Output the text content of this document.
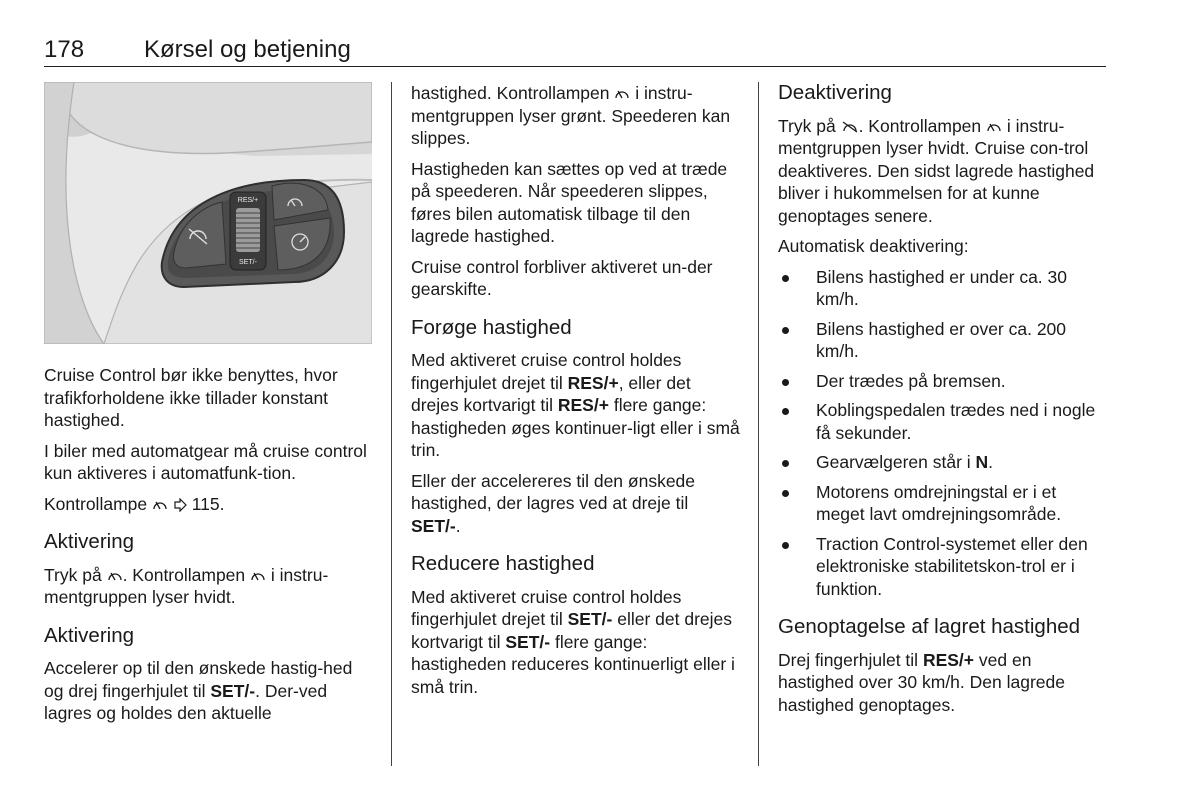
178 Kørsel og betjening
RES/+
SET/-

Cruise Control bør ikke benyttes, hvor trafikforholdene ikke tillader konstant hastighed.

I biler med automatgear må cruise control kun aktiveres i automatfunk-tion.

Kontrollampe	115.

Aktivering

Tryk på . Kontrollampen i instru-mentgruppen lyser hvidt.

Aktivering

Accelerer op til den ønskede hastig-hed og drej fingerhjulet til SET/-. Der-ved lagres og holdes den aktuelle

hastighed. Kontrollampen i instru-mentgruppen lyser grønt. Speederen kan slippes.

Hastigheden kan sættes op ved at træde på speederen. Når speederen slippes, føres bilen automatisk tilbage til den lagrede hastighed.

Cruise control forbliver aktiveret un-der gearskifte.

Forøge hastighed

Med aktiveret cruise control holdes fingerhjulet drejet til RES/+, eller det drejes kortvarigt til RES/+ flere gange: hastigheden øges kontinuer-ligt eller i små trin.

Eller der accelereres til den ønskede hastighed, der lagres ved at dreje til SET/-.

Reducere hastighed

Med aktiveret cruise control holdes fingerhjulet drejet til SET/- eller det drejes kortvarigt til SET/- flere gange: hastigheden reduceres kontinuerligt eller i små trin.

Deaktivering

Tryk på . Kontrollampen i instru-mentgruppen lyser hvidt. Cruise con-trol deaktiveres. Den sidst lagrede hastighed bliver i hukommelsen for at kunne genoptages senere.

Automatisk deaktivering:

Bilens hastighed er under ca. 30 km/h.
Bilens hastighed er over ca. 200 km/h.
Der trædes på bremsen.
Koblingspedalen trædes ned i nogle få sekunder.
Gearvælgeren står i N.
Motorens omdrejningstal er i et meget lavt omdrejningsområde.
Traction Control-systemet eller den elektroniske stabilitetskon-trol er i funktion.
Genoptagelse af lagret hastighed

Drej fingerhjulet til RES/+ ved en hastighed over 30 km/h. Den lagrede hastighed genoptages.
